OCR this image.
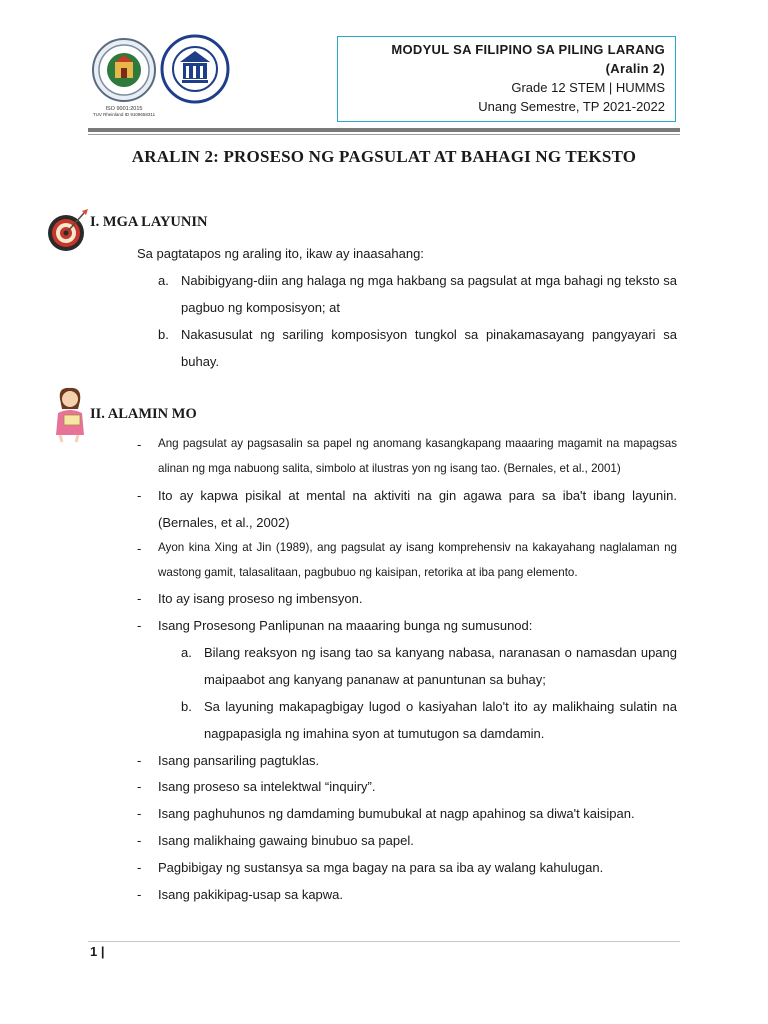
ISO 9001:2015
TUV Rheinland ID 9108658311
MODYUL SA FILIPINO SA PILING LARANG
(Aralin 2)
Grade 12 STEM | HUMMS
Unang Semestre, TP 2021-2022
ARALIN 2: PROSESO NG PAGSULAT AT BAHAGI NG TEKSTO
I. MGA LAYUNIN
Sa pagtatapos ng araling ito, ikaw ay inaasahang:
a. Nabibigyang-diin ang halaga ng mga hakbang sa pagsulat at mga bahagi ng teksto sa
pagbuo ng komposisyon; at
b. Nakasusulat ng sariling komposisyon tungkol sa pinakamasayang pangyayari sa
buhay.
II. ALAMIN MO
- Ang pagsulat ay pagsasalin sa papel ng anomang kasangkapang maaaring magamit na mapagsas
alinan ng mga nabuong salita, simbolo at ilustras yon ng isang tao. (Bernales, et al., 2001)
- Ito ay kapwa pisikal at mental na aktiviti na gin agawa para sa iba't ibang layunin.
(Bernales, et al., 2002)
- Ayon kina Xing at Jin (1989), ang pagsulat ay isang komprehensiv na kakayahang naglalaman ng
wastong gamit, talasalitaan, pagbubuo ng kaisipan, retorika at iba pang elemento.
- Ito ay isang proseso ng imbensyon.
- Isang Prosesong Panlipunan na maaaring bunga ng sumusunod:
a. Bilang reaksyon ng isang tao sa kanyang nabasa, naranasan o namasdan upang
maipaabot ang kanyang pananaw at panuntunan sa buhay;
b. Sa layuning makapagbigay lugod o kasiyahan lalo't ito ay malikhaing sulatin na
nagpapasigla ng imahina syon at tumutugon sa damdamin.
- Isang pansariling pagtuklas.
- Isang proseso sa intelektwal “inquiry”.
- Isang paghuhunos ng damdaming bumubukal at nagp apahinog sa diwa't kaisipan.
- Isang malikhaing gawaing binubuo sa papel.
- Pagbibigay ng sustansya sa mga bagay na para sa iba ay walang kahulugan.
- Isang pakikipag-usap sa kapwa.
1 |
